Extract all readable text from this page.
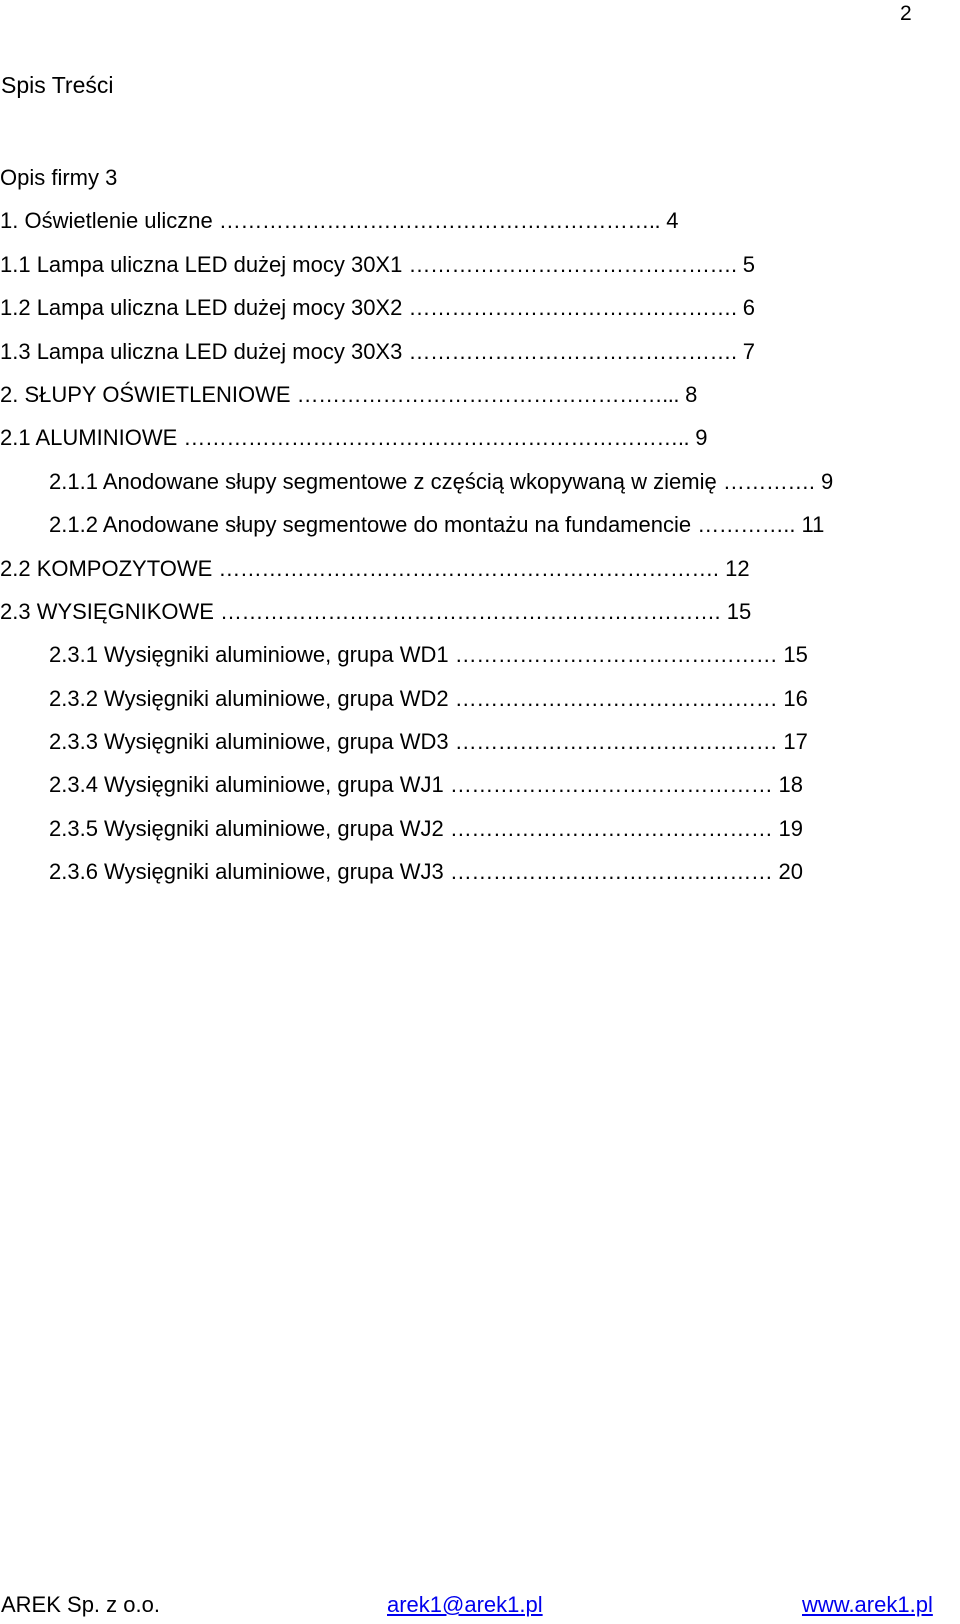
2
Spis Treści
Opis firmy 3
1. Oświetlenie uliczne …………………………………………………….. 4
1.1 Lampa uliczna LED dużej mocy 30X1 ………………………………………. 5
1.2 Lampa uliczna LED dużej mocy 30X2 ………………………………………. 6
1.3 Lampa uliczna LED dużej mocy 30X3 ………………………………………. 7
2. SŁUPY OŚWIETLENIOWE ……………………………………………... 8
2.1 ALUMINIOWE …………………………………………………………….. 9
2.1.1 Anodowane słupy segmentowe z częścią wkopywaną w ziemię …………. 9
2.1.2 Anodowane słupy segmentowe do montażu na fundamencie ………….. 11
2.2 KOMPOZYTOWE ……………………………………………………………. 12
2.3 WYSIĘGNIKOWE ……………………………………………………………. 15
2.3.1 Wysięgniki aluminiowe, grupa WD1 ……………………………………… 15
2.3.2 Wysięgniki aluminiowe, grupa WD2 ……………………………………… 16
2.3.3 Wysięgniki aluminiowe, grupa WD3 ……………………………………… 17
2.3.4 Wysięgniki aluminiowe, grupa WJ1 ……………………………………… 18
2.3.5 Wysięgniki aluminiowe, grupa WJ2 ……………………………………… 19
2.3.6 Wysięgniki aluminiowe, grupa WJ3 ……………………………………… 20
AREK Sp. z o.o.	arek1@arek1.pl	www.arek1.pl
